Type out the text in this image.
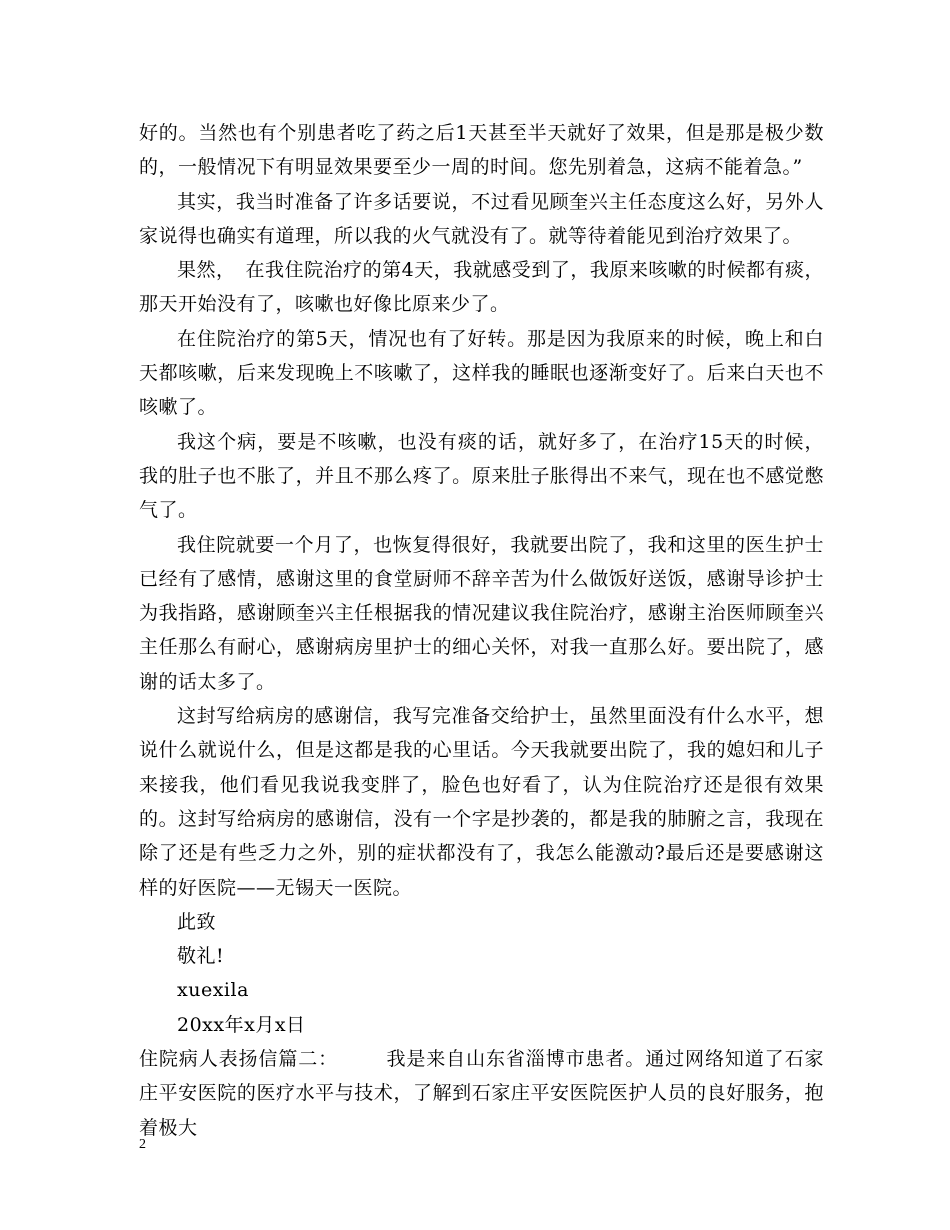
好的。当然也有个别患者吃了药之后1天甚至半天就好了效果，但是那是极少数的，一般情况下有明显效果要至少一周的时间。您先别着急，这病不能着急。”

其实，我当时准备了许多话要说，不过看见顾奎兴主任态度这么好，另外人家说得也确实有道理，所以我的火气就没有了。就等待着能见到治疗效果了。

果然，　在我住院治疗的第4天，我就感受到了，我原来咳嗽的时候都有痰，那天开始没有了，咳嗽也好像比原来少了。

在住院治疗的第5天，情况也有了好转。那是因为我原来的时候，晚上和白天都咳嗽，后来发现晚上不咳嗽了，这样我的睡眠也逐渐变好了。后来白天也不咳嗽了。

我这个病，要是不咳嗽，也没有痰的话，就好多了，在治疗15天的时候，我的肚子也不胀了，并且不那么疼了。原来肚子胀得出不来气，现在也不感觉憋气了。

我住院就要一个月了，也恢复得很好，我就要出院了，我和这里的医生护士已经有了感情，感谢这里的食堂厨师不辞辛苦为什么做饭好送饭，感谢导诊护士为我指路，感谢顾奎兴主任根据我的情况建议我住院治疗，感谢主治医师顾奎兴主任那么有耐心，感谢病房里护士的细心关怀，对我一直那么好。要出院了，感谢的话太多了。

这封写给病房的感谢信，我写完准备交给护士，虽然里面没有什么水平，想说什么就说什么，但是这都是我的心里话。今天我就要出院了，我的媳妇和儿子来接我，他们看见我说我变胖了，脸色也好看了，认为住院治疗还是很有效果的。这封写给病房的感谢信，没有一个字是抄袭的，都是我的肺腑之言，我现在除了还是有些乏力之外，别的症状都没有了，我怎么能激动?最后还是要感谢这样的好医院——无锡天一医院。

此致

敬礼!

xuexila

20xx年x月x日

住院病人表扬信篇二：	我是来自山东省淄博市患者。通过网络知道了石家庄平安医院的医疗水平与技术，了解到石家庄平安医院医护人员的良好服务，抱着极大

2
